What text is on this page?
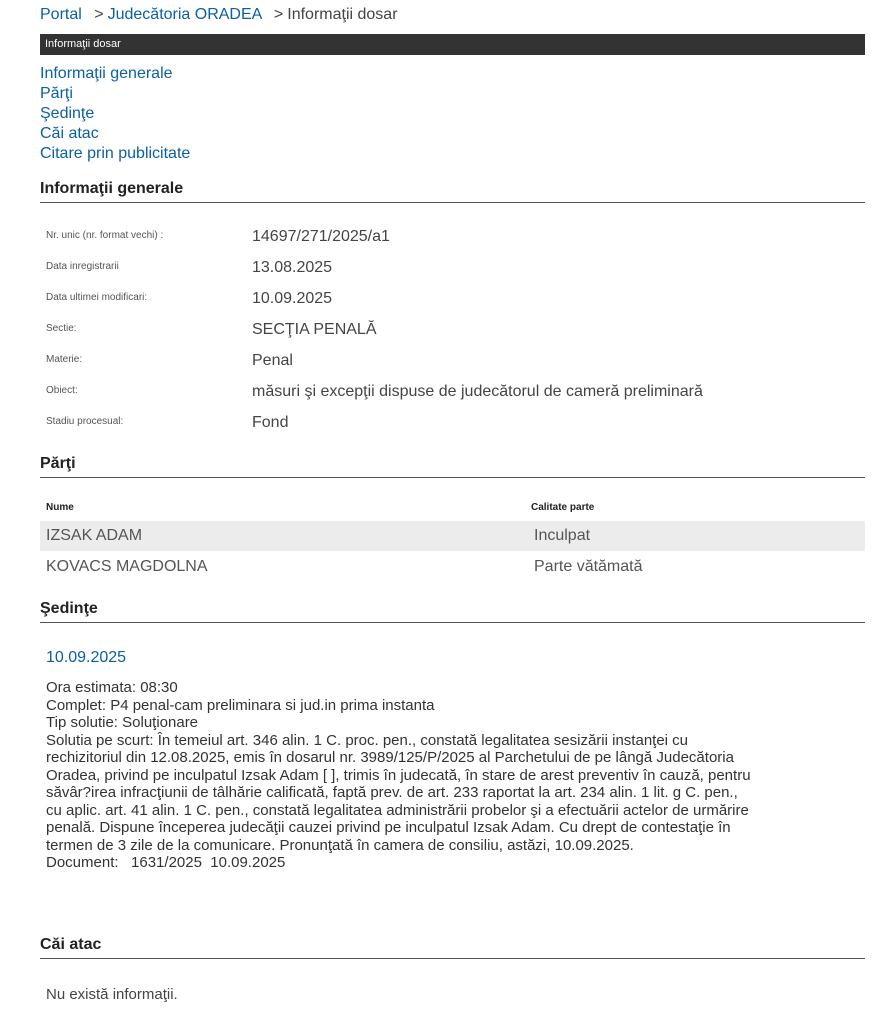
Portal > Judecătoria ORADEA > Informaţii dosar
Informaţii dosar
Informaţii generale
Părţi
Şedinţe
Căi atac
Citare prin publicitate
Informaţii generale
Nr. unic (nr. format vechi) :	14697/271/2025/a1
Data inregistrarii	13.08.2025
Data ultimei modificari:	10.09.2025
Sectie:	SECŢIA PENALĂ
Materie:	Penal
Obiect:	măsuri şi excepţii dispuse de judecătorul de cameră preliminară
Stadiu procesual:	Fond
Părţi
Nume	Calitate parte
IZSAK ADAM	Inculpat
KOVACS MAGDOLNA	Parte vătămată
Şedinţe
10.09.2025
Ora estimata: 08:30
Complet: P4 penal-cam preliminara si jud.in prima instanta
Tip solutie: Soluţionare
Solutia pe scurt: În temeiul art. 346 alin. 1 C. proc. pen., constată legalitatea sesizării instanţei cu
rechizitoriul din 12.08.2025, emis în dosarul nr. 3989/125/P/2025 al Parchetului de pe lângă Judecătoria
Oradea, privind pe inculpatul Izsak Adam [ ], trimis în judecată, în stare de arest preventiv în cauză, pentru
săvâr?irea infracţiunii de tâlhărie calificată, faptă prev. de art. 233 raportat la art. 234 alin. 1 lit. g C. pen.,
cu aplic. art. 41 alin. 1 C. pen., constată legalitatea administrării probelor şi a efectuării actelor de urmărire
penală. Dispune începerea judecăţii cauzei privind pe inculpatul Izsak Adam. Cu drept de contestaţie în
termen de 3 zile de la comunicare. Pronunţată în camera de consiliu, astăzi, 10.09.2025.
Document:   1631/2025  10.09.2025
Căi atac
Nu există informaţii.
